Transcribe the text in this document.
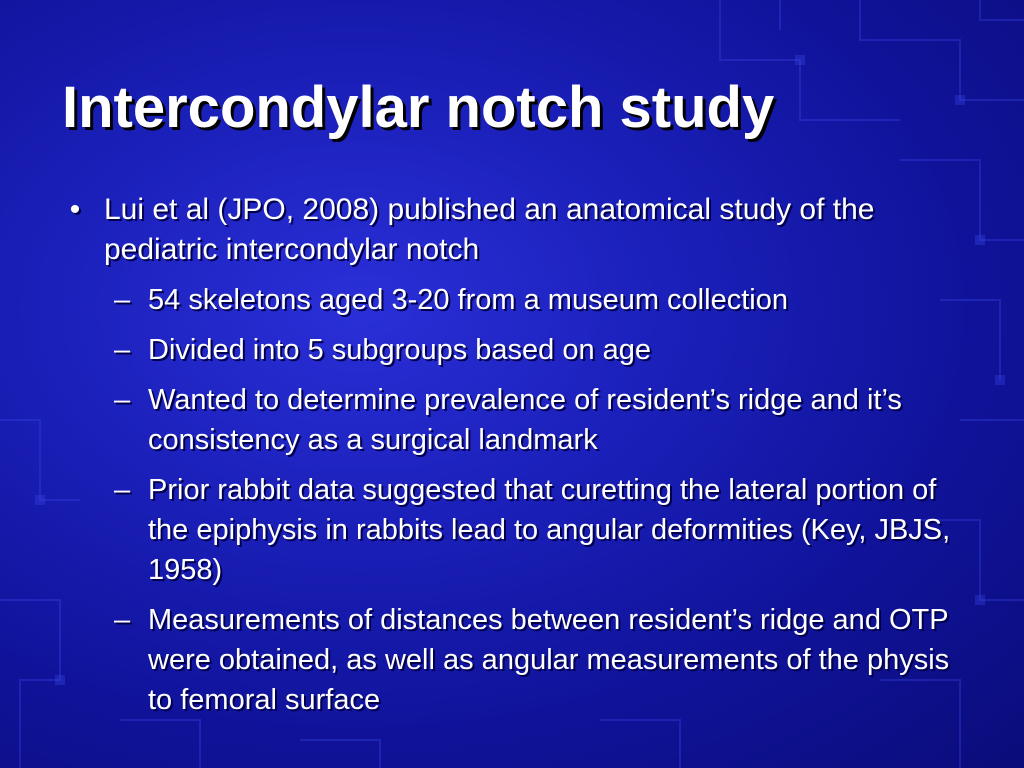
Intercondylar notch study
• Lui et al (JPO, 2008) published an anatomical study of the pediatric intercondylar notch
– 54 skeletons aged 3-20 from a museum collection
– Divided into 5 subgroups based on age
– Wanted to determine prevalence of resident’s ridge and it’s consistency as a surgical landmark
– Prior rabbit data suggested that curetting the lateral portion of the epiphysis in rabbits lead to angular deformities (Key, JBJS, 1958)
– Measurements of distances between resident’s ridge and OTP were obtained, as well as angular measurements of the physis to femoral surface
